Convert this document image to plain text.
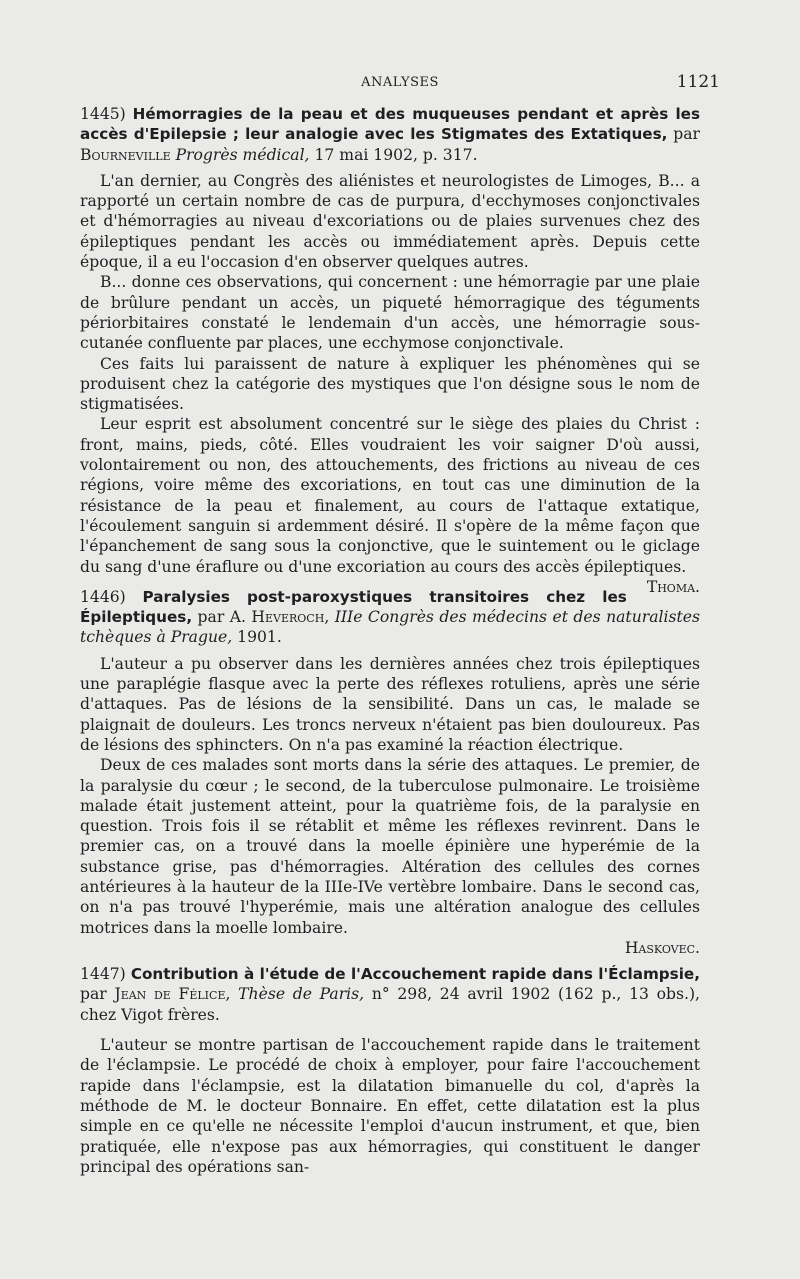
ANALYSES	1121

1445) Hémorragies de la peau et des muqueuses pendant et après les accès d'Epilepsie ; leur analogie avec les Stigmates des Extatiques, par Bourneville Progrès médical, 17 mai 1902, p. 317.

L'an dernier, au Congrès des aliénistes et neurologistes de Limoges, B... a rapporté un certain nombre de cas de purpura, d'ecchymoses conjonctivales et d'hémorragies au niveau d'excoriations ou de plaies survenues chez des épileptiques pendant les accès ou immédiatement après. Depuis cette époque, il a eu l'occasion d'en observer quelques autres.

B... donne ces observations, qui concernent : une hémorragie par une plaie de brûlure pendant un accès, un piqueté hémorragique des téguments périorbitaires constaté le lendemain d'un accès, une hémorragie sous-cutanée confluente par places, une ecchymose conjonctivale.

Ces faits lui paraissent de nature à expliquer les phénomènes qui se produisent chez la catégorie des mystiques que l'on désigne sous le nom de stigmatisées.

Leur esprit est absolument concentré sur le siège des plaies du Christ : front, mains, pieds, côté. Elles voudraient les voir saigner D'où aussi, volontairement ou non, des attouchements, des frictions au niveau de ces régions, voire même des excoriations, en tout cas une diminution de la résistance de la peau et finalement, au cours de l'attaque extatique, l'écoulement sanguin si ardemment désiré. Il s'opère de la même façon que l'épanchement de sang sous la conjonctive, que le suintement ou le giclage du sang d'une éraflure ou d'une excoriation au cours des accès épileptiques.
Thoma.

1446) Paralysies post-paroxystiques transitoires chez les Épileptiques, par A. Heveroch, IIIe Congrès des médecins et des naturalistes tchèques à Prague, 1901.

L'auteur a pu observer dans les dernières années chez trois épileptiques une paraplégie flasque avec la perte des réflexes rotuliens, après une série d'attaques. Pas de lésions de la sensibilité. Dans un cas, le malade se plaignait de douleurs. Les troncs nerveux n'étaient pas bien douloureux. Pas de lésions des sphincters. On n'a pas examiné la réaction électrique.

Deux de ces malades sont morts dans la série des attaques. Le premier, de la paralysie du cœur ; le second, de la tuberculose pulmonaire. Le troisième malade était justement atteint, pour la quatrième fois, de la paralysie en question. Trois fois il se rétablit et même les réflexes revinrent. Dans le premier cas, on a trouvé dans la moelle épinière une hyperémie de la substance grise, pas d'hémorragies. Altération des cellules des cornes antérieures à la hauteur de la IIIe-IVe vertèbre lombaire. Dans le second cas, on n'a pas trouvé l'hyperémie, mais une altération analogue des cellules motrices dans la moelle lombaire.

Haskovec.

1447) Contribution à l'étude de l'Accouchement rapide dans l'Éclampsie, par Jean de Félice, Thèse de Paris, n° 298, 24 avril 1902 (162 p., 13 obs.), chez Vigot frères.

L'auteur se montre partisan de l'accouchement rapide dans le traitement de l'éclampsie. Le procédé de choix à employer, pour faire l'accouchement rapide dans l'éclampsie, est la dilatation bimanuelle du col, d'après la méthode de M. le docteur Bonnaire. En effet, cette dilatation est la plus simple en ce qu'elle ne nécessite l'emploi d'aucun instrument, et que, bien pratiquée, elle n'expose pas aux hémorragies, qui constituent le danger principal des opérations san-
